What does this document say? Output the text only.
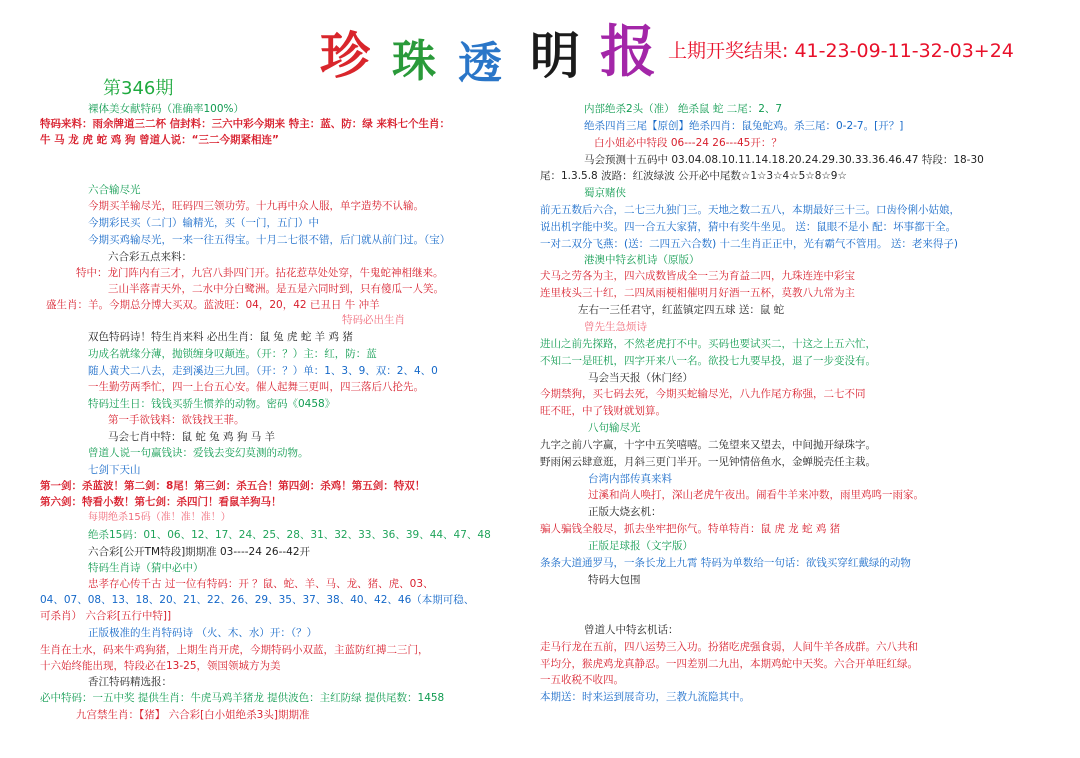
珍 珠 透 明 报 上期开奖结果: 41-23-09-11-32-03+24
第346期
裸体美女献特码（准确率100%）
特码来料：雨余牌道三二杯 信封料：三六中彩今期来 特主：蓝、防：绿 来料七个生肖：
牛 马 龙 虎 蛇 鸡 狗 曾道人说：“三二今期紧相连”
六合输尽光
今期买羊输尽光，旺码四三领功劳。十九再中众人服，单字造势不认输。
今期彩民买（二门）输精光，买（一门，五门）中
今期买鸡输尽光，一来一往五得宝。十月二七很不错，后门就从前门过。（宝）
六合彩五点来料：
特中：龙门阵内有三才，九宫八卦四门开。拈花惹草处处穿，牛鬼蛇神相继来。
三山半落青天外，二水中分白鹭洲。是五是六同时到，只有傻瓜一人笑。
盛生肖：羊。今期总分博大买双。蓝波旺：04，20，42 已丑日 牛 冲羊
特码必出生肖
双色特码诗！特生肖来料 必出生肖：鼠 兔 虎 蛇 羊 鸡 猪
功成名就缘分薄，抛锁缠身叹颠连。（开：？）主：红，防：蓝
随人黄犬二八去，走到溪边三九回。（开：？）单：1、3、9、双：2、4、0
一生勤劳两季忙，四一上台五心安。催人起舞三更叫，四三落后八抡先。
特码过生日：钱钱买骄生惯养的动物。密码《0458》
第一手欲钱料：欲钱找王菲。
马会七肖中特：鼠 蛇 兔 鸡 狗 马 羊
曾道人说一句赢钱诀：爱钱去变幻莫测的动物。
七剑下天山
第一剑：杀蓝波！第二剑：8尾！第三剑：杀五合！第四剑：杀鸡！第五剑：特双！
第六剑：特看小数！第七剑：杀四门！看鼠羊狗马！
每期绝杀15码（准！准！准！）
绝杀15码：01、06、12、17、24、25、28、31、32、33、36、39、44、47、48
六合彩[公开TM特段]期期准 03----24 26--42开
特码生肖诗（猜中必中）
忠孝存心传千古 过一位有特码：开 ？鼠、蛇、羊、马、龙、猪、虎、03、
04、07、08、13、18、20、21、22、26、29、35、37、38、40、42、46（本期可稳、
可杀肖） 六合彩[五行中特]]
正版极准的生肖特码诗 （火、木、水）开：（？）
生肖在土水，码来牛鸡狗猪，上期生肖开虎，今期特码小双蓝，主蓝防红搏二三门，
十六始终能出现，特段必在13-25，领国领城方为美
香江特码精选报：
必中特码：一五中奖 提供生肖：牛虎马鸡羊猪龙 提供波色：主红防绿 提供尾数：1458
九宫禁生肖：【猪】 六合彩[白小姐绝杀3头]期期准
内部绝杀2头（准） 绝杀鼠 蛇 二尾：2、7
绝杀四肖三尾【原创】绝杀四肖：鼠兔蛇鸡。杀三尾：0-2-7。[开？]
白小姐必中特段 06---24 26---45开：？
马会预测十五码中 03.04.08.10.11.14.18.20.24.29.30.33.36.46.47 特段：18-30
尾：1.3.5.8 波路：红波绿波 公开必中尾数☆1☆3☆4☆5☆8☆9☆
蜀京赌侠
前无五数后六合，二七三九独门三。天地之数二五八，本期最好三十三。口齿伶俐小姑娘，
说出机字能中奖。四一合五大家猜，猜中有奖牛坐见。 送：鼠眼不是小 配：坏事都干全。
一对二双分飞燕：(送：二四五六合数) 十二生肖正正中，光有霸气不管用。 送：老来得子)
港澳中特玄机诗（原版）
犬马之劳各为主，四六成数皆成全一三为育益二四，九珠连连中彩宝
连里枝头三十红，二四凤雨梗相催明月好酒一五杯，莫教八九常为主
左右一三任君守，红蓝镇定四五球 送：鼠 蛇
曾先生急烦诗
进山之前先探路，不然老虎打不中。买码也要试买二，十这之上五六忙，
不知二一是旺机，四字开来八一名。欲投七九要早投，退了一步变没有。
马会当天报（休门经）
今期禁狗，买七码去死，今期买蛇输尽光，八九作尾方称强，二七不同
旺不旺，中了钱财就划算。
八句输尽光
九字之前八字赢，十字中五笑嘻嘻。二兔望来又望去，中间抛开绿珠字。
野雨闲云肆意逛，月斜三更门半开。一见钟情倍鱼水，金蝉脱壳任主栽。
台湾内部传真来料
过溪和尚人唤打，深山老虎午夜出。闹看牛羊来冲数，雨里鸡鸣一雨家。
正版大烧玄机：
骗人骗钱全般尽，抓去坐牢把你气。特单特肖：鼠 虎 龙 蛇 鸡 猪
正版足球报（文字版）
条条大道通罗马，一条长龙上九霄 特码为单数给一句话：欲钱买穿红戴绿的动物
特码大包围
曾道人中特玄机话：
走马行龙在五前，四八运势三入功。扮猪吃虎强食弱，人间牛羊各成群。六八共和
平均分，猴虎鸡龙真静忍。一四差别二九出，本期鸡蛇中天奖。六合开单旺红绿。
一五收税不收四。
本期送：时来运到展奇功，三教九流隐其中。
